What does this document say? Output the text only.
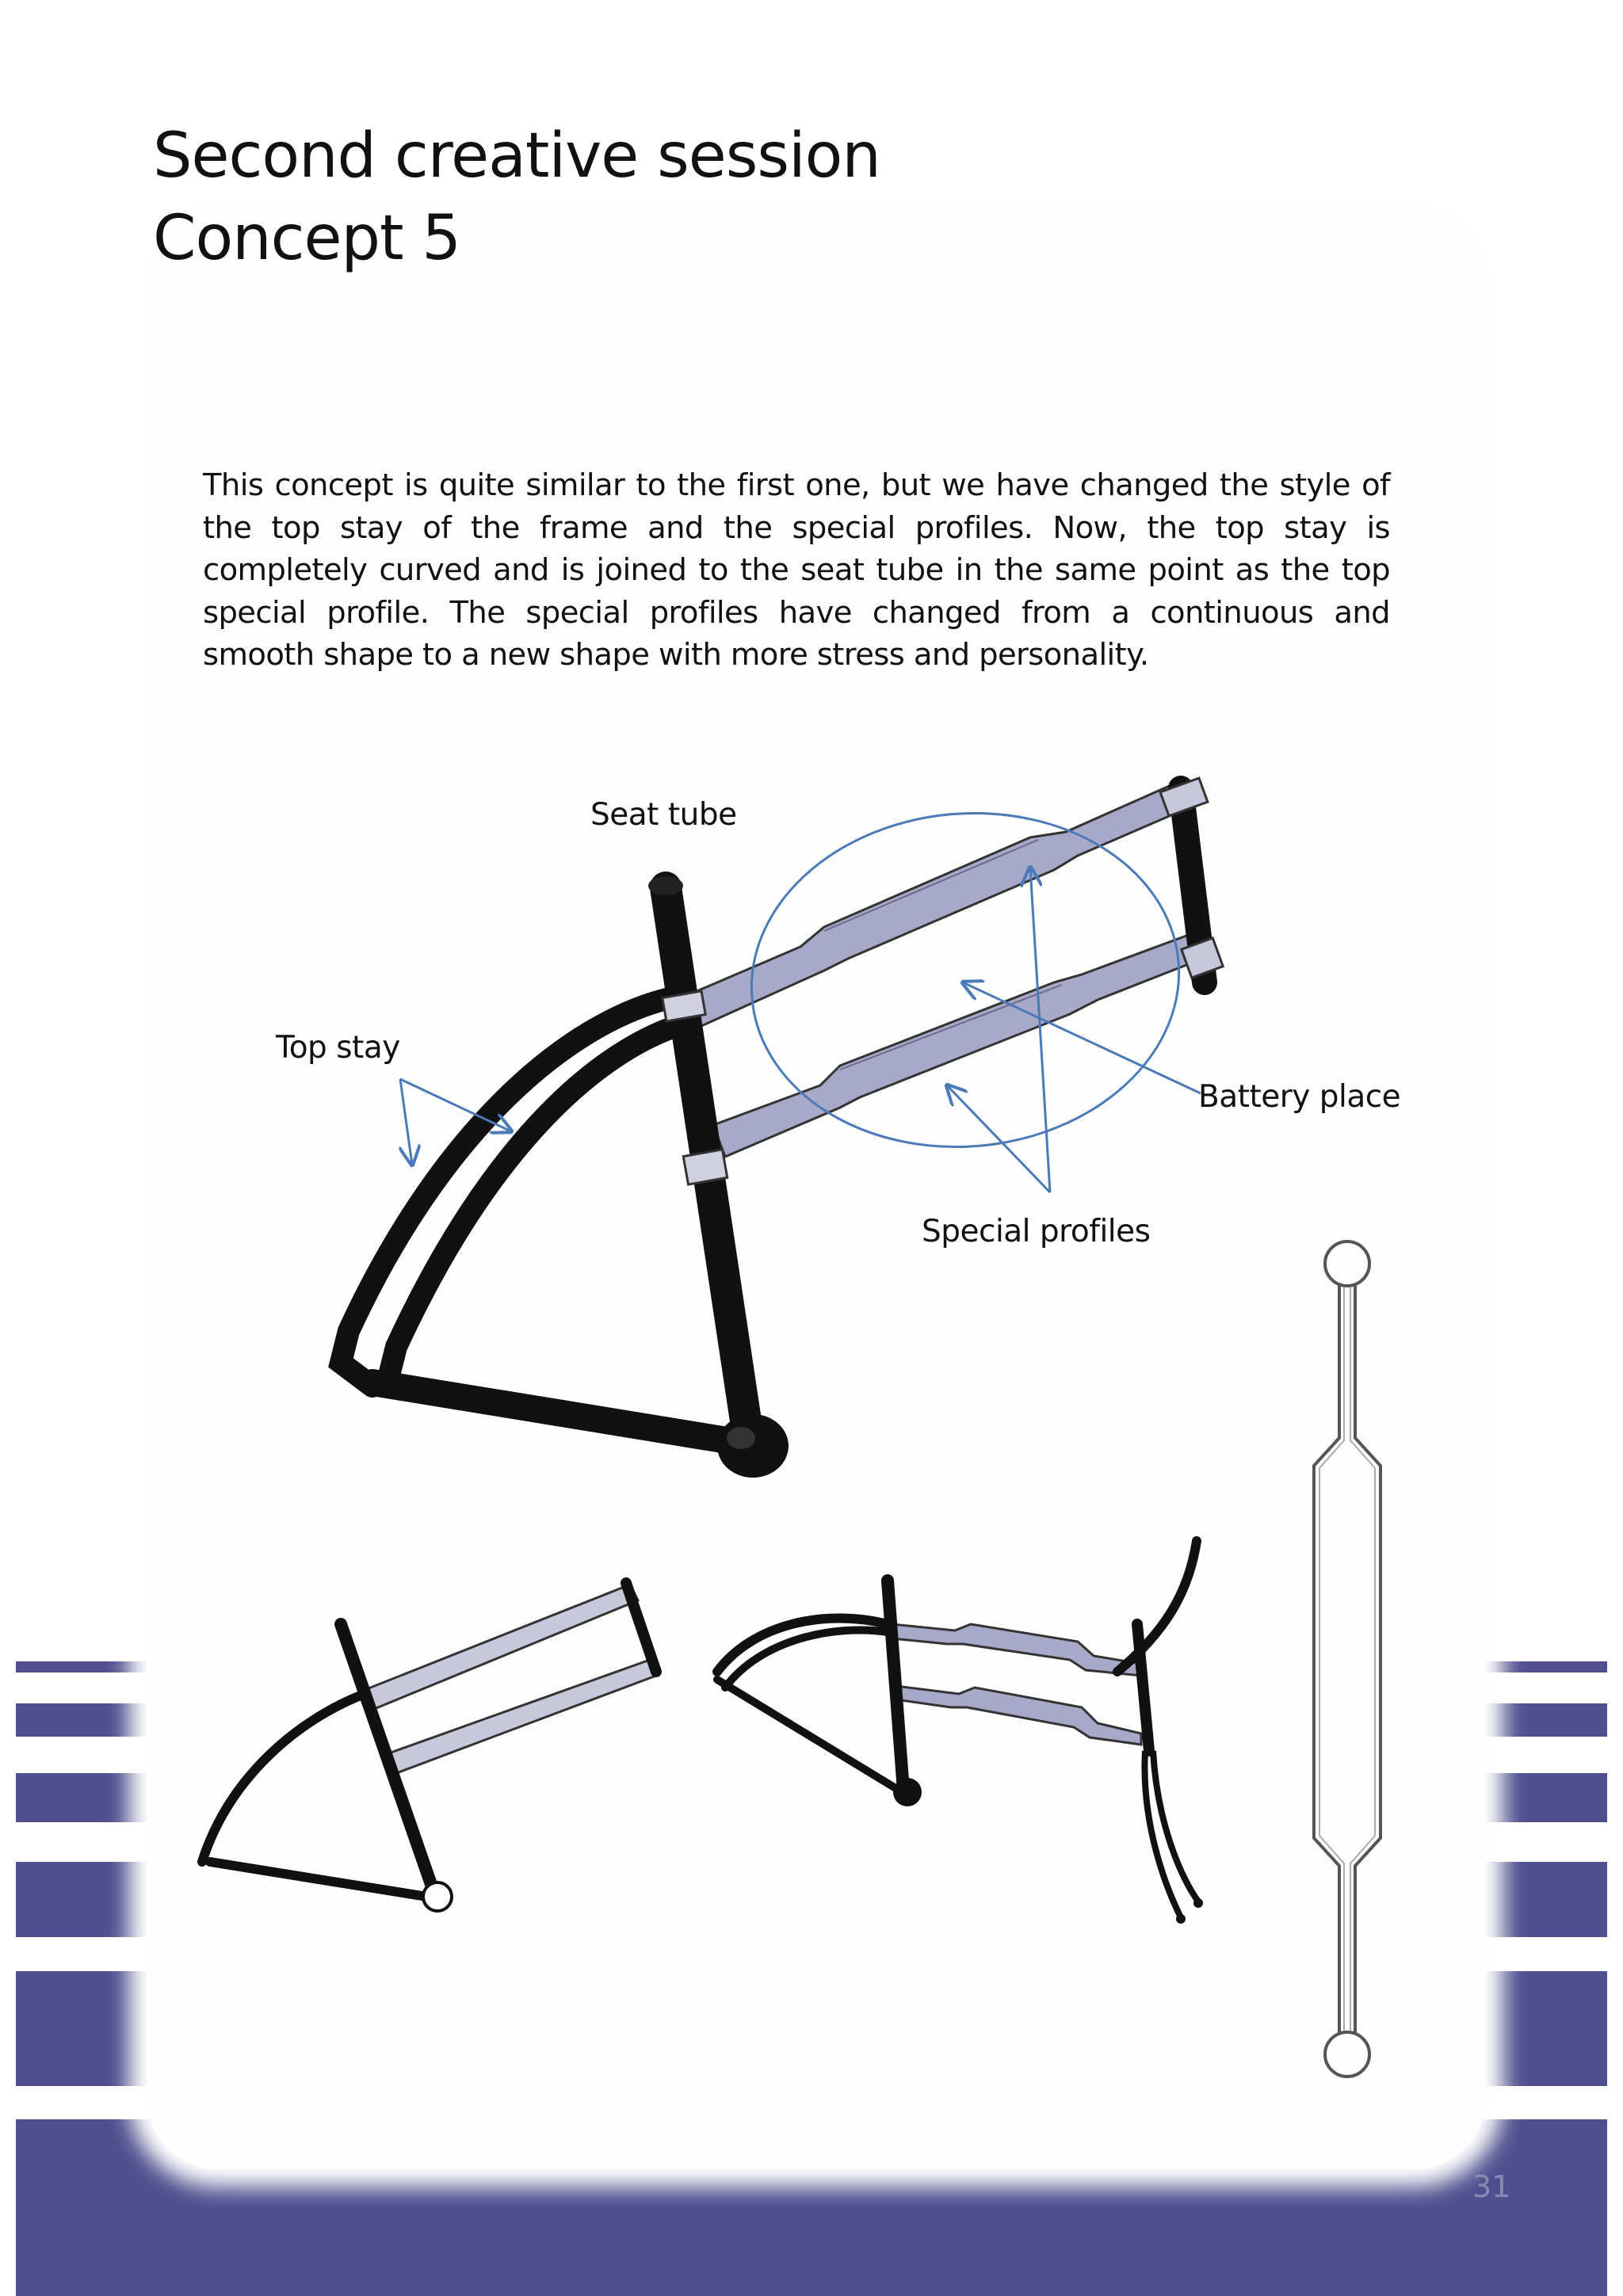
Second creative session
Concept 5

This concept is quite similar to the first one, but we have changed the style of the top stay of the frame and the special profiles. Now, the top stay is completely curved and is joined to the seat tube in the same point as the top special profile. The special profiles have changed from a continuous and smooth shape to a new shape with more stress and personality.

Seat tube
Top stay
Battery place
Special profiles
31
